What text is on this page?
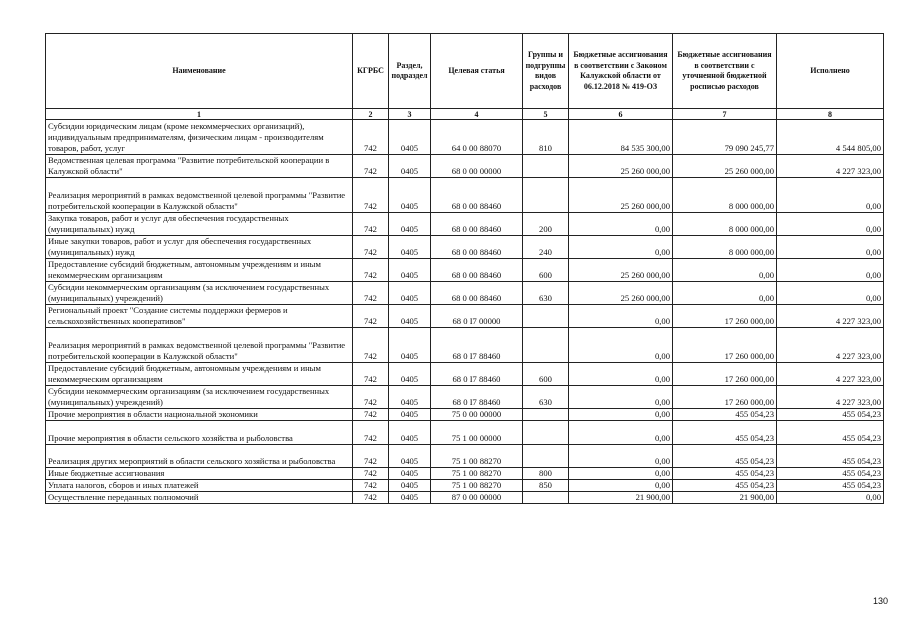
Наименование	КГРБС	Раздел, подраздел	Целевая статья	Группы и подгруппы видов расходов	Бюджетные ассигнования в соответствии с Законом Калужской области от 06.12.2018 № 419-ОЗ	Бюджетные ассигнования в соответствии с уточненной бюджетной росписью расходов	Исполнено
1	2	3	4	5	6	7	8
Субсидии юридическим лицам (кроме некоммерческих организаций), индивидуальным предпринимателям, физическим лицам - производителям товаров, работ, услуг	742	0405	64 0 00 88070	810	84 535 300,00	79 090 245,77	4 544 805,00
Ведомственная целевая программа "Развитие потребительской кооперации в Калужской области"	742	0405	68 0 00 00000		25 260 000,00	25 260 000,00	4 227 323,00
Реализация мероприятий в рамках ведомственной целевой программы "Развитие потребительской кооперации в Калужской области"	742	0405	68 0 00 88460		25 260 000,00	8 000 000,00	0,00
Закупка товаров, работ и услуг для обеспечения государственных (муниципальных) нужд	742	0405	68 0 00 88460	200	0,00	8 000 000,00	0,00
Иные закупки товаров, работ и услуг для обеспечения государственных (муниципальных) нужд	742	0405	68 0 00 88460	240	0,00	8 000 000,00	0,00
Предоставление субсидий бюджетным, автономным учреждениям и иным некоммерческим организациям	742	0405	68 0 00 88460	600	25 260 000,00	0,00	0,00
Субсидии некоммерческим организациям (за исключением государственных (муниципальных) учреждений)	742	0405	68 0 00 88460	630	25 260 000,00	0,00	0,00
Региональный проект "Создание системы поддержки фермеров и сельскохозяйственных кооперативов"	742	0405	68 0 I7 00000		0,00	17 260 000,00	4 227 323,00
Реализация мероприятий в рамках ведомственной целевой программы "Развитие потребительской кооперации в Калужской области"	742	0405	68 0 I7 88460		0,00	17 260 000,00	4 227 323,00
Предоставление субсидий бюджетным, автономным учреждениям и иным некоммерческим организациям	742	0405	68 0 I7 88460	600	0,00	17 260 000,00	4 227 323,00
Субсидии некоммерческим организациям (за исключением государственных (муниципальных) учреждений)	742	0405	68 0 I7 88460	630	0,00	17 260 000,00	4 227 323,00
Прочие мероприятия в области национальной экономики	742	0405	75 0 00 00000		0,00	455 054,23	455 054,23
Прочие мероприятия в области сельского хозяйства и рыболовства	742	0405	75 1 00 00000		0,00	455 054,23	455 054,23
Реализация других мероприятий в области сельского хозяйства и рыболовства	742	0405	75 1 00 88270		0,00	455 054,23	455 054,23
Иные бюджетные ассигнования	742	0405	75 1 00 88270	800	0,00	455 054,23	455 054,23
Уплата налогов, сборов и иных платежей	742	0405	75 1 00 88270	850	0,00	455 054,23	455 054,23
Осуществление переданных полномочий	742	0405	87 0 00 00000		21 900,00	21 900,00	0,00
130
